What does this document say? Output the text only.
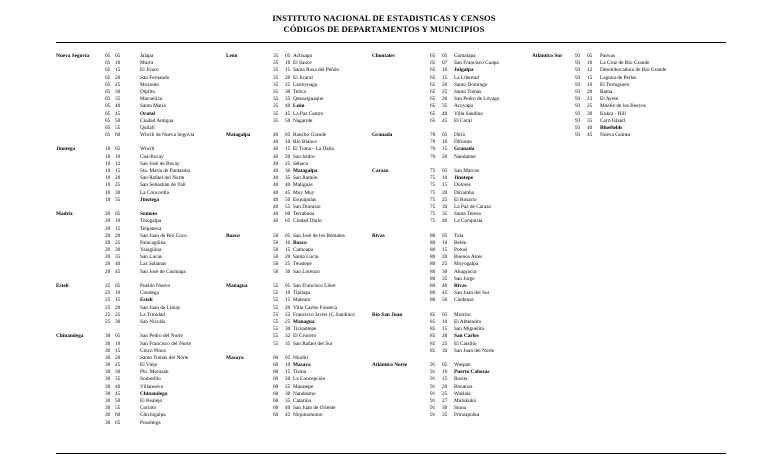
INSTITUTO NACIONAL DE ESTADISTICAS Y CENSOS
CÓDIGOS DE DEPARTAMENTOS Y MUNICIPIOS
Nueva Segovia	05 05	Jalapa
05 10	Murra
05 15	El Jícaro
05 20	San Fernando
05 25	Mozonte
05 30	Dipilto
05 35	Macuelizo
05 40	Santa María
05 45	Ocotal
05 50	Ciudad Antigua
05 55	Quilalí
05 60	Wiwilí de Nueva Segovia
Jinotega	10 05	Wiwilí
10 10	Cuá-Bocay
10 12	San José de Bocay
10 15	Sta. María de Pantasma
10 20	San Rafael del Norte
10 25	San Sebastián de Yalí
10 30	La Concordia
10 35	Jinotega
Madriz	20 05	Somoto
20 10	Totogalpa
20 15	Telpaneca
20 20	San Juan de Río Coco
20 25	Palacagüina
20 30	Yalagüina
20 35	San Lucas
20 40	Las Sabanas
20 45	San José de Cusmapa
Estelí	25 05	Pueblo Nuevo
25 10	Condega
25 15	Estelí
25 20	San Juan de Limay
25 25	La Trinidad
25 30	San Nicolás
Chinandega	30 05	San Pedro del Norte
30 10	San Francisco del Norte
30 15	Cinco Pinos
30 20	Santo Tomás del Norte
30 25	El Viejo
30 30	Pto. Morazán
30 35	Somotillo
30 40	Villanueva
30 45	Chinandega
30 50	El Realejo
30 55	Corinto
30 60	Chichigalpa
30 65	Posoltega
León	35 05 Achuapa
35 10 El Sauce
35 15 Santa Rosa del Peñón
35 20 El Jicaral
35 25 Larreynaga
35 30 Telica
35 35 Quezalguaque
35 40 León
35 45 La Paz Centro
35 50 Nagarote
Matagalpa	40 05 Rancho Grande
40 10 Río Blanco
40 15 El Tuma - La Dalia
40 20 San Isidro
40 25 Sébaco
40 30 Matagalpa
40 35 San Ramón
40 40 Matiguás
40 45 Muy Muy
40 50 Esquipulas
40 55 San Dionisio
40 60 Terrabona
40 65 Ciudad Darío
Boaco	50 05 San José de los Remates
50 10 Boaco
50 15 Camoapa
50 20 Santa Lucía
50 25 Teustepe
50 30 San Lorenzo
Managua	55 05 San Francisco Libre
55 10 Tipitapa
55 15 Mateare
55 20 Villa Carlos Fonseca
55 22 Francisco Javier (C.Sandino)
55 25 Managua
55 30 Ticuantepe
55 32 El Crucero
55 35 San Rafael del Sur
Masaya	60 05 Nindirí
60 10 Masaya
60 15 Tisma
60 20 La Concepción
60 25 Masatepe
60 30 Nandasmo
60 35 Catarina
60 40 San Juan de Oriente
60 45 Niquinohomo
Chontales	65 05 Comalapa
65 07 San Francisco Cuapa
65 10 Juigalpa
65 15 La Libertad
65 20 Santo Domingo
65 25 Santo Tomás
65 30 San Pedro de Lóvago
65 35 Acoyapa
65 40 Villa Sandino
65 45 El Coral
Granada	70 05 Diriá
70 10 Diriomo
70 15 Granada
70 20 Nandaime
Carazo	75 05 San Marcos
75 10 Jinotepe
75 15 Dolores
75 20 Diriamba
75 25 El Rosario
75 30 La Paz de Carazo
75 35 Santa Teresa
75 40 La Conquista
Rivas	80 05 Tola
80 10 Belén
80 15 Potosí
80 20 Buenos Aires
80 25 Moyogalpa
80 30 Altagracia
80 35 San Jorge
80 40 Rivas
80 45 San Juan del Sur
80 50 Cárdenas
Río San Juan	85 05 Morrito
85 10 El Almendro
85 15 San Miguelito
85 20 San Carlos
85 25 El Castillo
85 30 San Juan del Norte
Atlántico Norte	91 05 Waspán
91 10 Puerto Cabezas
91 15 Rosita
91 20 Bonanza
91 25 Waslala
91 27 Mulukukú
91 30 Siuna
91 35 Prinzapolka
Atlántico Sur 93 05 Paiwas
93 10 La Cruz de Río Grande
93 12 Desembocadura de Río Grande
93 15 Laguna de Perlas
93 16 El Tortuguero
93 20 Rama
93 23 El Ayote
93 25 Muelle de los Bueyes
93 30 Kukra - Hill
93 35 Corn Island
93 40 Bluefields
93 45 Nueva Guinea
